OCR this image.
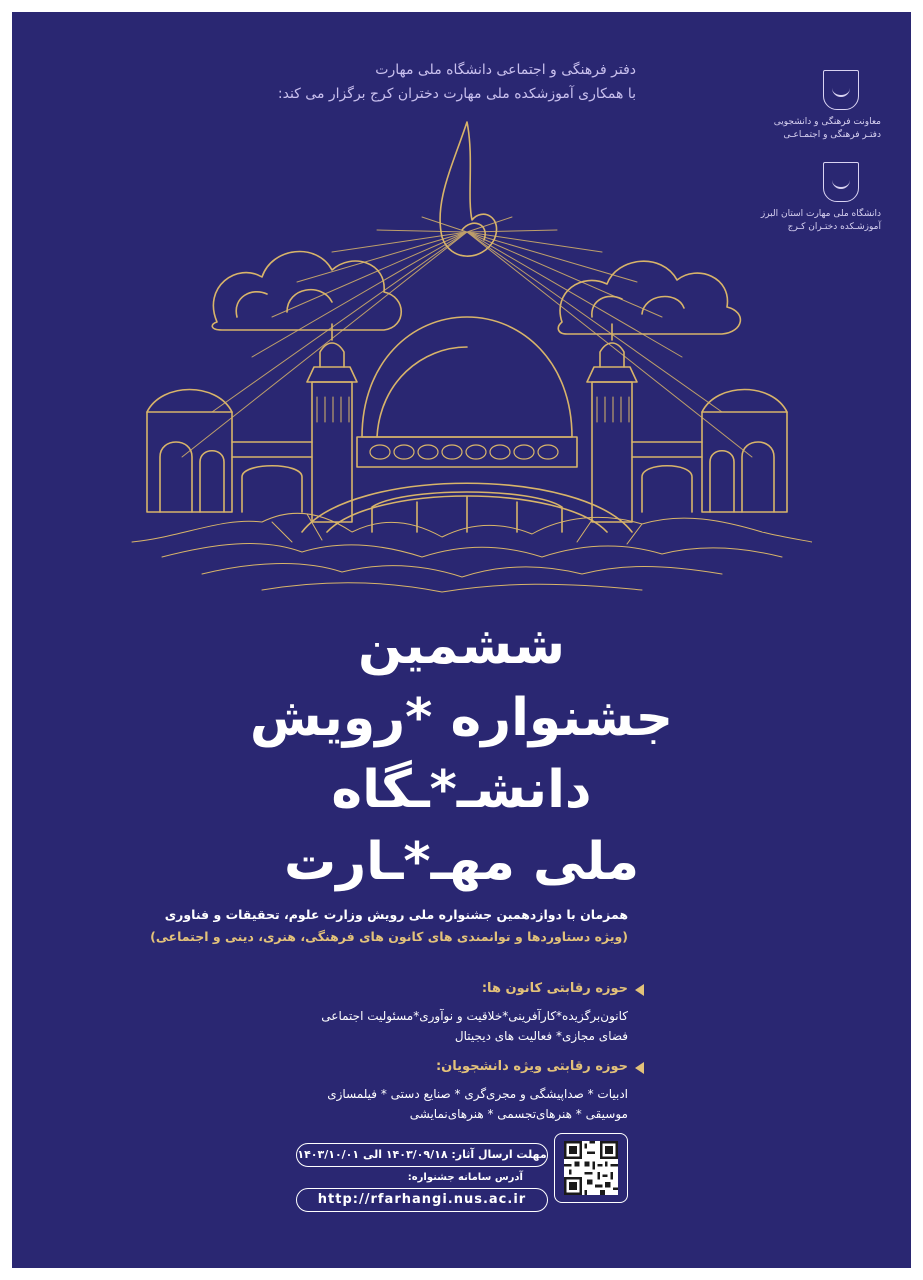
دفتر فرهنگی و اجتماعی دانشگاه ملی مهارت
با همکاری آموزشکده ملی مهارت دختران کرج برگزار می کند:
معاونت فرهنگی و دانشجویی
دفتـر فرهنگی و اجتمـاعـی
دانشگاه ملی مهارت استان البرز
آموزشـکده دختـران کـرج
ششمین
جشنواره *رویش
دانشـ*ـگاه
ملی مهـ*ـارت
همزمان با دوازدهمین جشنواره ملی رویش وزارت علوم، تحقیقات و فناوری
(ویژه دستاوردها و توانمندی های کانون های فرهنگی، هنری، دینی و اجتماعی)
حوزه رقابتی کانون ها:
کانون‌برگزیده*کارآفرینی*خلاقیت و نوآوری*مسئولیت اجتماعی
فضای مجازی* فعالیت های دیجیتال
حوزه رقابتی ویژه دانشجویان:
ادبیات * صداپیشگی و مجری‌گری * صنایع دستی * فیلمسازی
موسیقی * هنرهای‌تجسمی * هنرهای‌نمایشی
مهلت ارسال آثار: ۱۴۰۳/۰۹/۱۸ الی ۱۴۰۳/۱۰/۰۱
آدرس سامانه جشنواره:
http://rfarhangi.nus.ac.ir
